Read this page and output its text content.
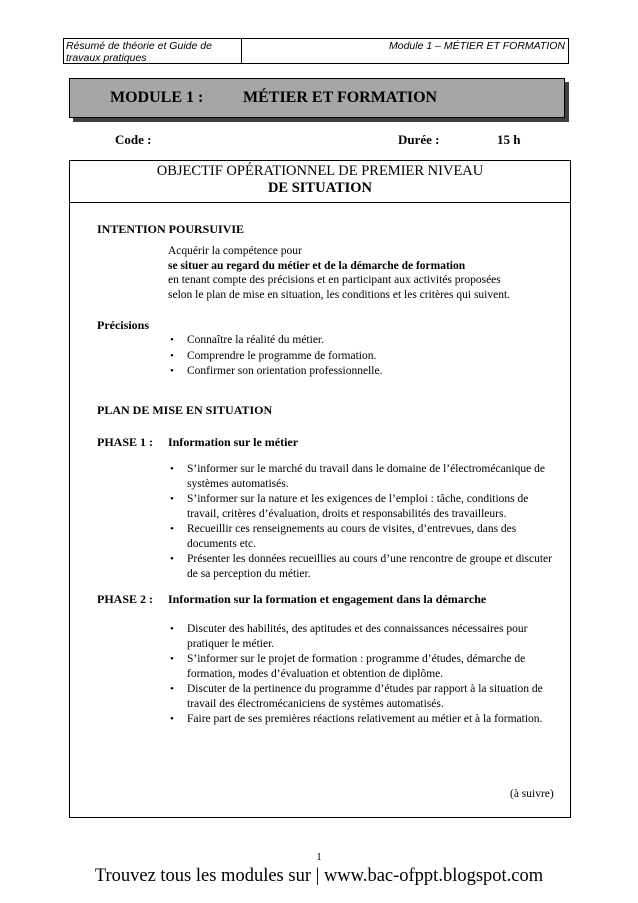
Résumé de théorie et Guide de travaux pratiques
Module 1 – MÉTIER ET FORMATION
MODULE 1 : MÉTIER ET FORMATION
Code :	Durée :	15 h
OBJECTIF OPÉRATIONNEL DE PREMIER NIVEAU
DE SITUATION
INTENTION POURSUIVIE
Acquérir la compétence pour
se situer au regard du métier et de la démarche de formation
en tenant compte des précisions et en participant aux activités proposées
selon le plan de mise en situation, les conditions et les critères qui suivent.
Précisions
• Connaître la réalité du métier.
• Comprendre le programme de formation.
• Confirmer son orientation professionnelle.
PLAN DE MISE EN SITUATION
PHASE 1 : Information sur le métier
• S’informer sur le marché du travail dans le domaine de l’électromécanique de systèmes automatisés.
• S’informer sur la nature et les exigences de l’emploi : tâche, conditions de travail, critères d’évaluation, droits et responsabilités des travailleurs.
• Recueillir ces renseignements au cours de visites, d’entrevues, dans des documents etc.
• Présenter les données recueillies au cours d’une rencontre de groupe et discuter de sa perception du métier.
PHASE 2 : Information sur la formation et engagement dans la démarche
• Discuter des habilités, des aptitudes et des connaissances nécessaires pour pratiquer le métier.
• S’informer sur le projet de formation : programme d’études, démarche de formation, modes d’évaluation et obtention de diplôme.
• Discuter de la pertinence du programme d’études par rapport à la situation de travail des électromécaniciens de systèmes automatisés.
• Faire part de ses premières réactions relativement au métier et à la formation.
(à suivre)
1
Trouvez tous les modules sur | www.bac-ofppt.blogspot.com
